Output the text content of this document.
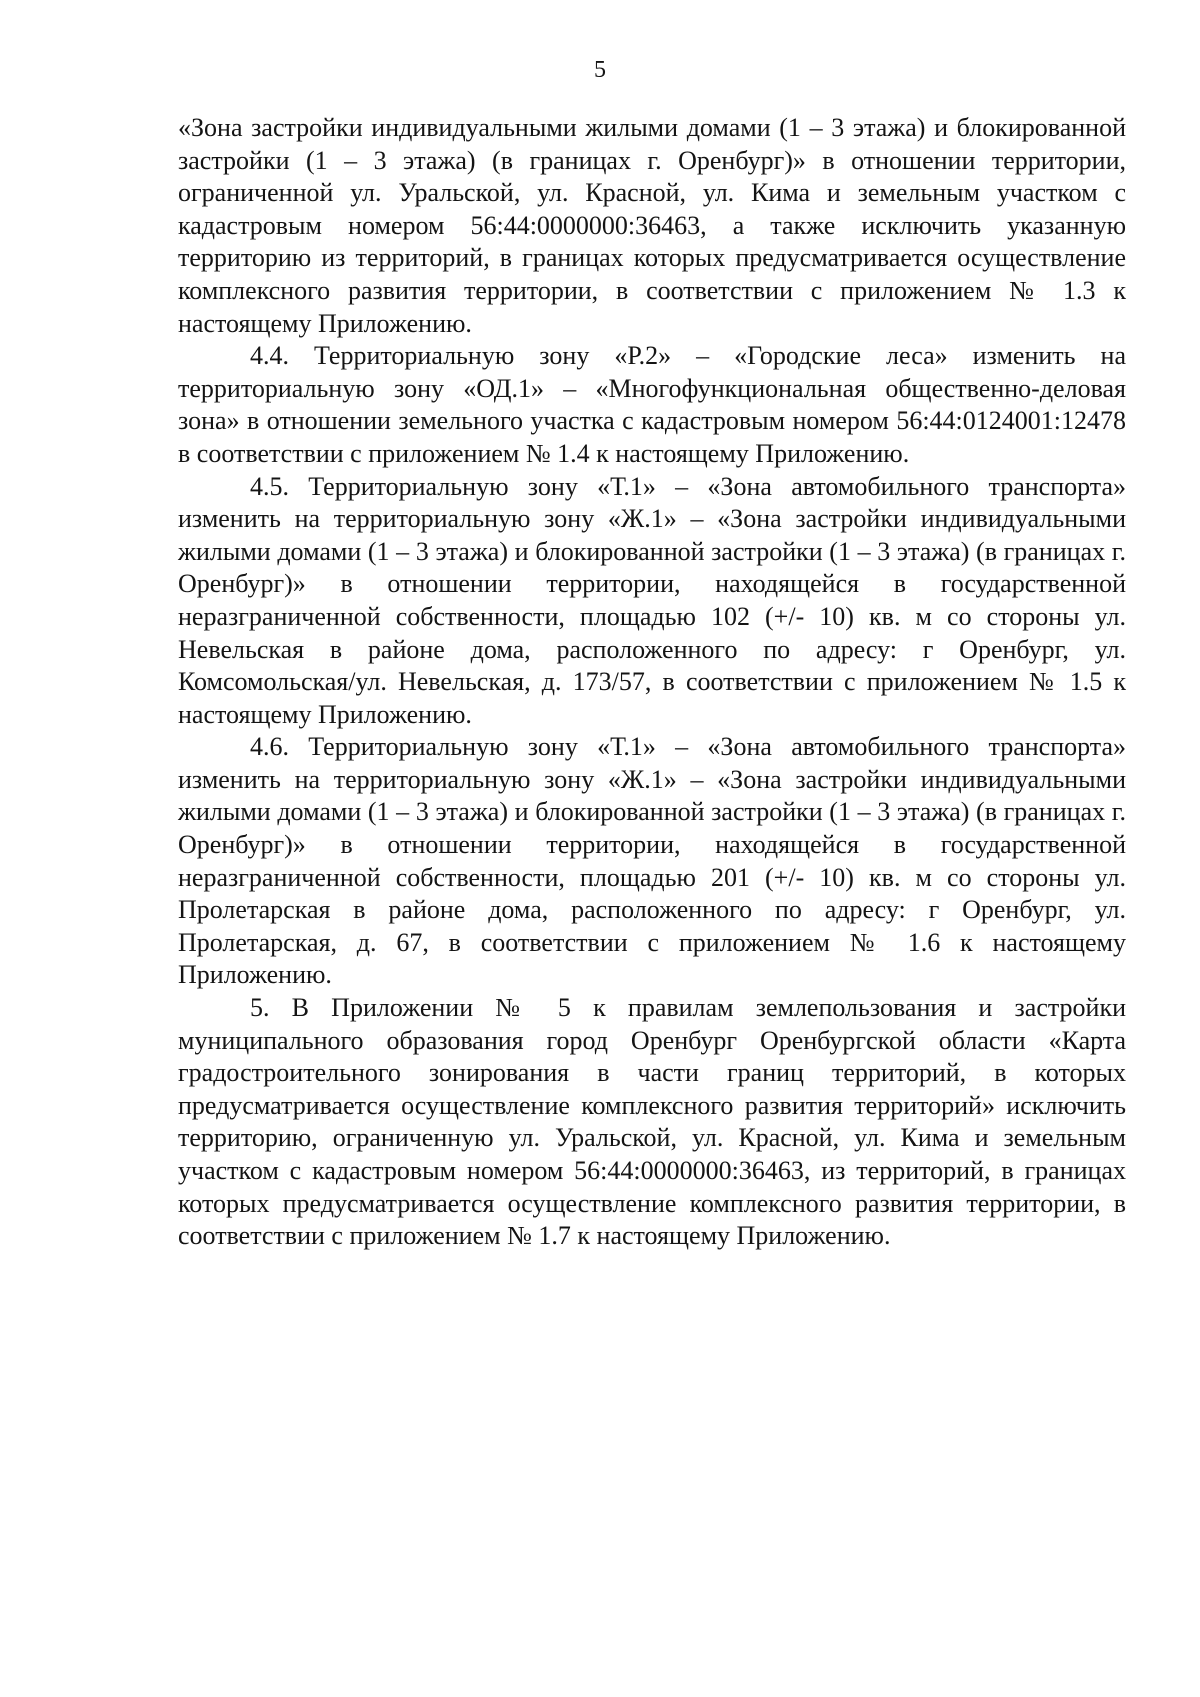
5

«Зона застройки индивидуальными жилыми домами (1 – 3 этажа) и блокированной застройки (1 – 3 этажа) (в границах г. Оренбург)» в отношении территории, ограниченной ул. Уральской, ул. Красной, ул. Кима и земельным участком с кадастровым номером 56:44:0000000:36463, а также исключить указанную территорию из территорий, в границах которых предусматривается осуществление комплексного развития территории, в соответствии с приложением № 1.3 к настоящему Приложению.

4.4. Территориальную зону «Р.2» – «Городские леса» изменить на территориальную зону «ОД.1» – «Многофункциональная общественно-деловая зона» в отношении земельного участка с кадастровым номером 56:44:0124001:12478 в соответствии с приложением № 1.4 к настоящему Приложению.

4.5. Территориальную зону «Т.1» – «Зона автомобильного транспорта» изменить на территориальную зону «Ж.1» – «Зона застройки индивидуальными жилыми домами (1 – 3 этажа) и блокированной застройки (1 – 3 этажа) (в границах г. Оренбург)» в отношении территории, находящейся в государственной неразграниченной собственности, площадью 102 (+/- 10) кв. м со стороны ул. Невельская в районе дома, расположенного по адресу: г Оренбург, ул. Комсомольская/ул. Невельская, д. 173/57, в соответствии с приложением № 1.5 к настоящему Приложению.

4.6. Территориальную зону «Т.1» – «Зона автомобильного транспорта» изменить на территориальную зону «Ж.1» – «Зона застройки индивидуальными жилыми домами (1 – 3 этажа) и блокированной застройки (1 – 3 этажа) (в границах г. Оренбург)» в отношении территории, находящейся в государственной неразграниченной собственности, площадью 201 (+/- 10) кв. м со стороны ул. Пролетарская в районе дома, расположенного по адресу: г Оренбург, ул. Пролетарская, д. 67, в соответствии с приложением № 1.6 к настоящему Приложению.

5. В Приложении № 5 к правилам землепользования и застройки муниципального образования город Оренбург Оренбургской области «Карта градостроительного зонирования в части границ территорий, в которых предусматривается осуществление комплексного развития территорий» исключить территорию, ограниченную ул. Уральской, ул. Красной, ул. Кима и земельным участком с кадастровым номером 56:44:0000000:36463, из территорий, в границах которых предусматривается осуществление комплексного развития территории, в соответствии с приложением № 1.7 к настоящему Приложению.
